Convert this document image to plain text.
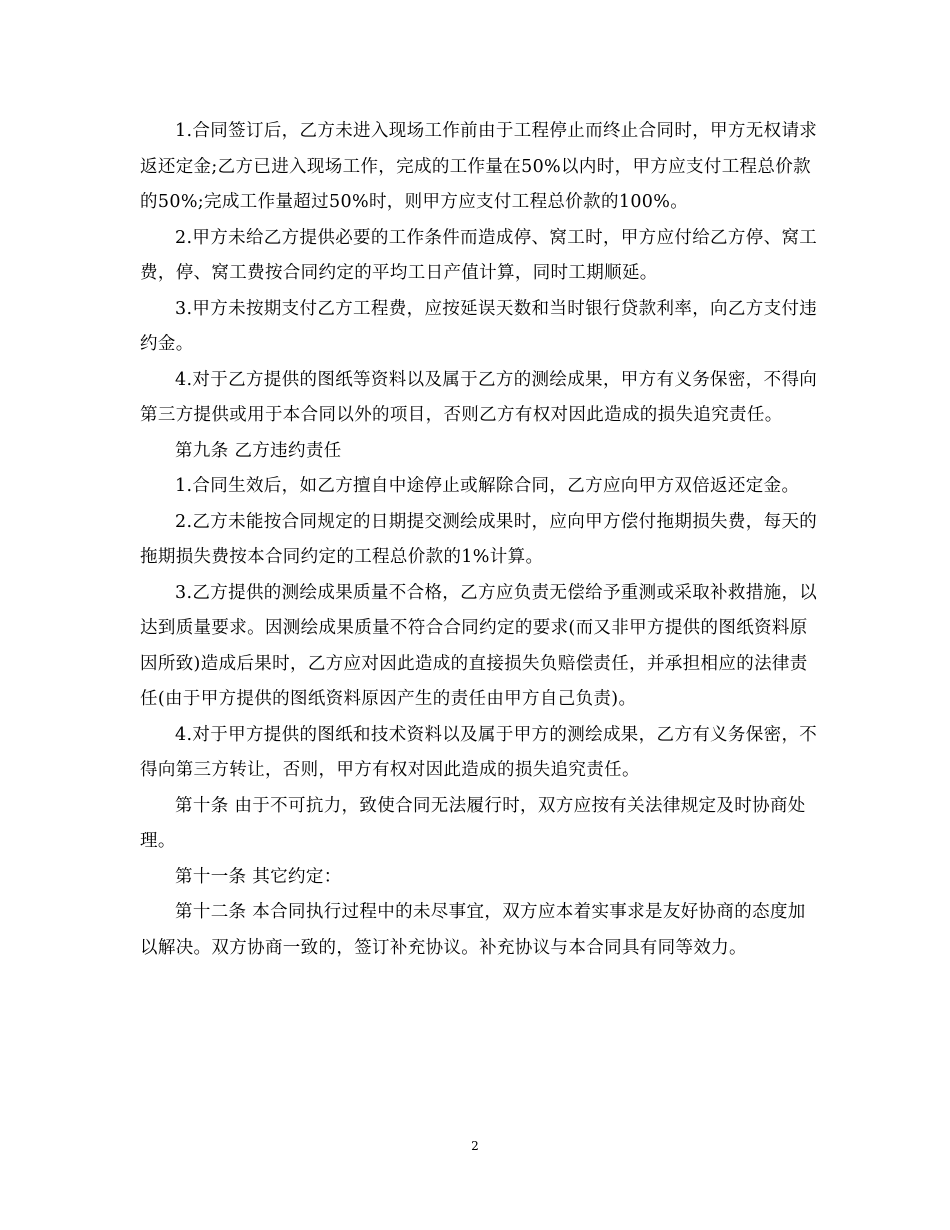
1.合同签订后，乙方未进入现场工作前由于工程停止而终止合同时，甲方无权请求返还定金;乙方已进入现场工作，完成的工作量在50%以内时，甲方应支付工程总价款的50%;完成工作量超过50%时，则甲方应支付工程总价款的100%。

2.甲方未给乙方提供必要的工作条件而造成停、窝工时，甲方应付给乙方停、窝工费，停、窝工费按合同约定的平均工日产值计算，同时工期顺延。

3.甲方未按期支付乙方工程费，应按延误天数和当时银行贷款利率，向乙方支付违约金。

4.对于乙方提供的图纸等资料以及属于乙方的测绘成果，甲方有义务保密，不得向第三方提供或用于本合同以外的项目，否则乙方有权对因此造成的损失追究责任。

第九条 乙方违约责任

1.合同生效后，如乙方擅自中途停止或解除合同，乙方应向甲方双倍返还定金。

2.乙方未能按合同规定的日期提交测绘成果时，应向甲方偿付拖期损失费，每天的拖期损失费按本合同约定的工程总价款的1%计算。

3.乙方提供的测绘成果质量不合格，乙方应负责无偿给予重测或采取补救措施，以达到质量要求。因测绘成果质量不符合合同约定的要求(而又非甲方提供的图纸资料原因所致)造成后果时，乙方应对因此造成的直接损失负赔偿责任，并承担相应的法律责任(由于甲方提供的图纸资料原因产生的责任由甲方自己负责)。

4.对于甲方提供的图纸和技术资料以及属于甲方的测绘成果，乙方有义务保密，不得向第三方转让，否则，甲方有权对因此造成的损失追究责任。

第十条 由于不可抗力，致使合同无法履行时，双方应按有关法律规定及时协商处理。

第十一条 其它约定：

第十二条 本合同执行过程中的未尽事宜，双方应本着实事求是友好协商的态度加以解决。双方协商一致的，签订补充协议。补充协议与本合同具有同等效力。

2
